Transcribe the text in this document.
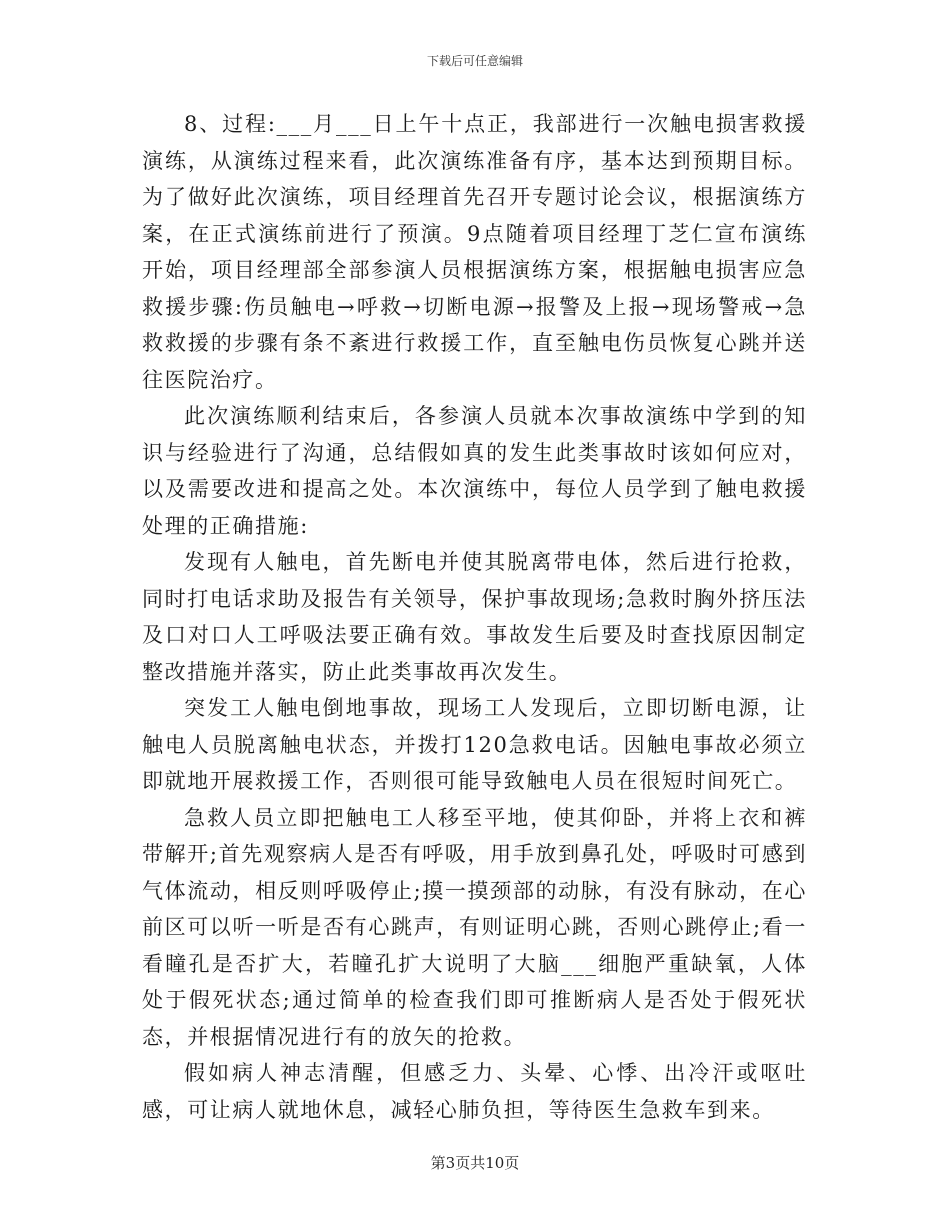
下载后可任意编辑

8、过程:___月___日上午十点正，我部进行一次触电损害救援演练，从演练过程来看，此次演练准备有序，基本达到预期目标。为了做好此次演练，项目经理首先召开专题讨论会议，根据演练方案，在正式演练前进行了预演。9点随着项目经理丁芝仁宣布演练开始，项目经理部全部参演人员根据演练方案，根据触电损害应急救援步骤:伤员触电→呼救→切断电源→报警及上报→现场警戒→急救救援的步骤有条不紊进行救援工作，直至触电伤员恢复心跳并送往医院治疗。

此次演练顺利结束后，各参演人员就本次事故演练中学到的知识与经验进行了沟通，总结假如真的发生此类事故时该如何应对，以及需要改进和提高之处。本次演练中，每位人员学到了触电救援处理的正确措施:

发现有人触电，首先断电并使其脱离带电体，然后进行抢救，同时打电话求助及报告有关领导，保护事故现场;急救时胸外挤压法及口对口人工呼吸法要正确有效。事故发生后要及时查找原因制定整改措施并落实，防止此类事故再次发生。

突发工人触电倒地事故，现场工人发现后，立即切断电源，让触电人员脱离触电状态，并拨打120急救电话。因触电事故必须立即就地开展救援工作，否则很可能导致触电人员在很短时间死亡。

急救人员立即把触电工人移至平地，使其仰卧，并将上衣和裤带解开;首先观察病人是否有呼吸，用手放到鼻孔处，呼吸时可感到气体流动，相反则呼吸停止;摸一摸颈部的动脉，有没有脉动，在心前区可以听一听是否有心跳声，有则证明心跳，否则心跳停止;看一看瞳孔是否扩大，若瞳孔扩大说明了大脑___细胞严重缺氧，人体处于假死状态;通过简单的检查我们即可推断病人是否处于假死状态，并根据情况进行有的放矢的抢救。

假如病人神志清醒，但感乏力、头晕、心悸、出冷汗或呕吐感，可让病人就地休息，减轻心肺负担，等待医生急救车到来。

第3页共10页
